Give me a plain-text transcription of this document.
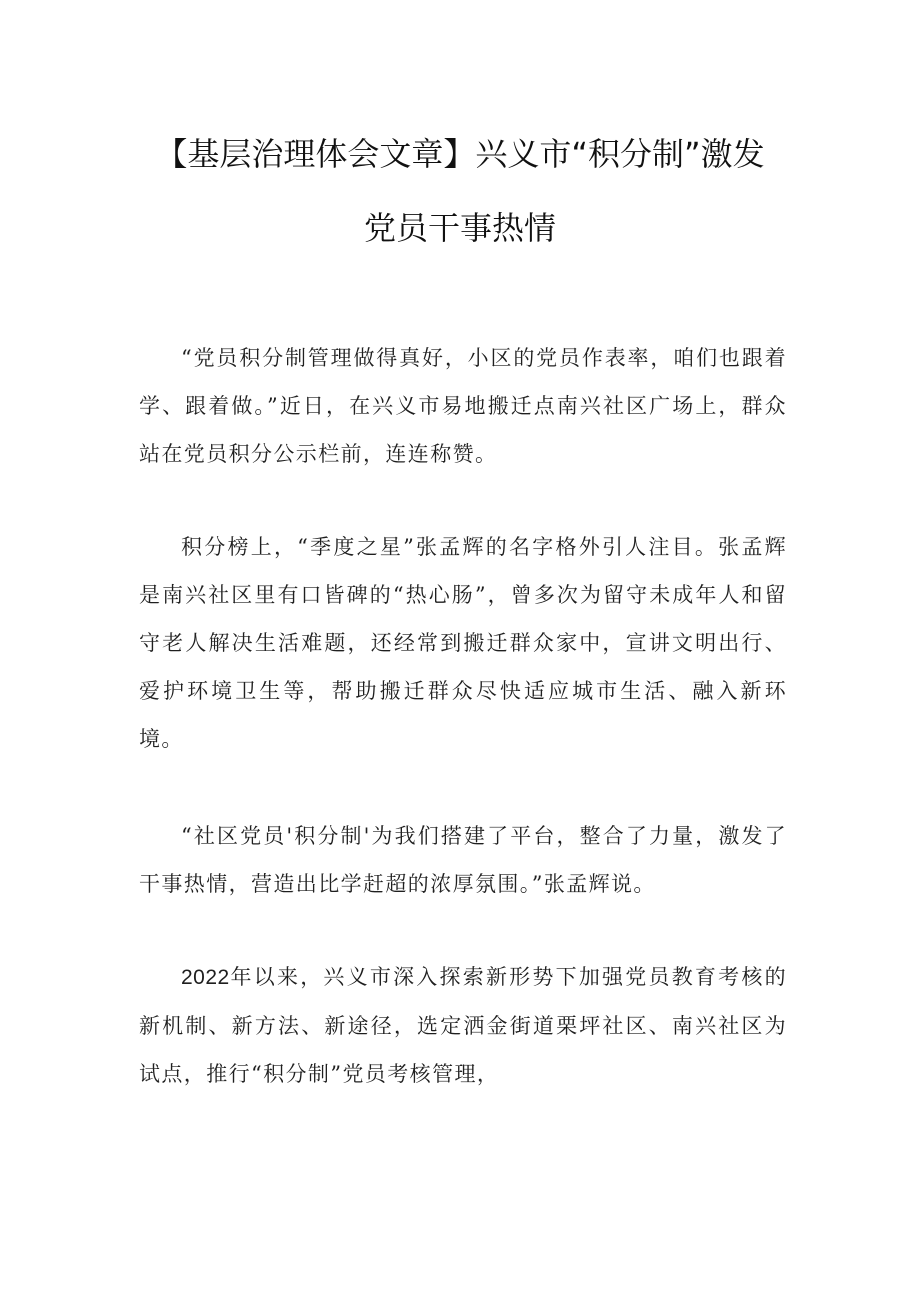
【基层治理体会文章】兴义市“积分制”激发
党员干事热情

“党员积分制管理做得真好，小区的党员作表率，咱们也跟着学、跟着做。”近日，在兴义市易地搬迁点南兴社区广场上，群众站在党员积分公示栏前，连连称赞。

积分榜上，“季度之星”张孟辉的名字格外引人注目。张孟辉是南兴社区里有口皆碑的“热心肠”，曾多次为留守未成年人和留守老人解决生活难题，还经常到搬迁群众家中，宣讲文明出行、爱护环境卫生等，帮助搬迁群众尽快适应城市生活、融入新环境。

“社区党员'积分制'为我们搭建了平台，整合了力量，激发了干事热情，营造出比学赶超的浓厚氛围。”张孟辉说。

2022年以来，兴义市深入探索新形势下加强党员教育考核的新机制、新方法、新途径，选定洒金街道栗坪社区、南兴社区为试点，推行“积分制”党员考核管理，
